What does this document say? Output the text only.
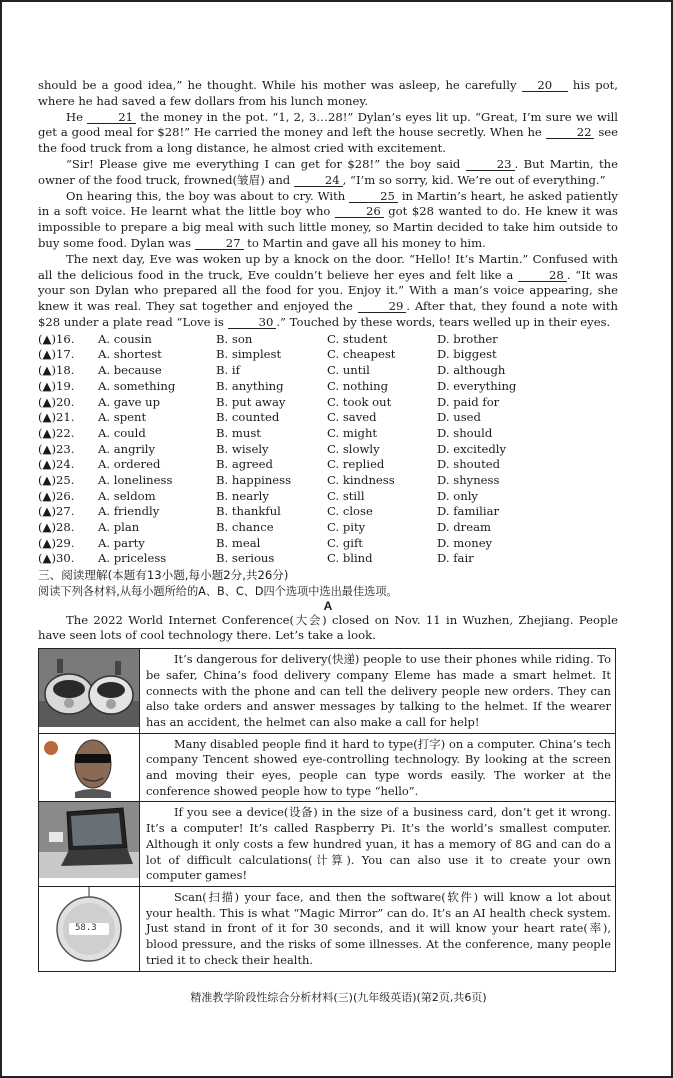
should be a good idea,” he thought. While his mother was asleep, he carefully 20 his pot, where he had saved a few dollars from his lunch money.

He	21 the money in the pot. “1, 2, 3…28!” Dylan’s eyes lit up. “Great, I’m sure we will get a good meal for $28!” He carried the money and left the house secretly. When he	22 see the food truck from a long distance, he almost cried with excitement.

“Sir! Please give me everything I can get for $28!” the boy said	23 . But Martin, the owner of the food truck, frowned(皱眉) and	24 , “I’m so sorry, kid. We’re out of everything.”

On hearing this, the boy was about to cry. With	25 in Martin’s heart, he asked patiently in a soft voice. He learnt what the little boy who	26 got $28 wanted to do. He knew it was impossible to prepare a big meal with such little money, so Martin decided to take him outside to buy some food. Dylan was	27 to Martin and gave all his money to him.

The next day, Eve was woken up by a knock on the door. “Hello! It’s Martin.” Confused with all the delicious food in the truck, Eve couldn’t believe her eyes and felt like a	28 . “It was your son Dylan who prepared all the food for you. Enjoy it.” With a man’s voice appearing, she knew it was real. They sat together and enjoyed the	29 . After that, they found a note with $28 under a plate read “Love is	30 .” Touched by these words, tears welled up in their eyes.

(▲)16.	A. cousin	B. son	C. student	D. brother
(▲)17.	A. shortest	B. simplest	C. cheapest	D. biggest
(▲)18.	A. because	B. if	C. until	D. although
(▲)19.	A. something	B. anything	C. nothing	D. everything
(▲)20.	A. gave up	B. put away	C. took out	D. paid for
(▲)21.	A. spent	B. counted	C. saved	D. used
(▲)22.	A. could	B. must	C. might	D. should
(▲)23.	A. angrily	B. wisely	C. slowly	D. excitedly
(▲)24.	A. ordered	B. agreed	C. replied	D. shouted
(▲)25.	A. loneliness	B. happiness	C. kindness	D. shyness
(▲)26.	A. seldom	B. nearly	C. still	D. only
(▲)27.	A. friendly	B. thankful	C. close	D. familiar
(▲)28.	A. plan	B. chance	C. pity	D. dream
(▲)29.	A. party	B. meal	C. gift	D. money
(▲)30.	A. priceless	B. serious	C. blind	D. fair

三、阅读理解(本题有13小题,每小题2分,共26分)

阅读下列各材料,从每小题所给的A、B、C、D四个选项中选出最佳选项。

A

The 2022 World Internet Conference(大会) closed on Nov. 11 in Wuzhen, Zhejiang. People have seen lots of cool technology there. Let’s take a look.

	It’s dangerous for delivery(快递) people to use their phones while riding. To be safer, China’s food delivery company Eleme has made a smart helmet. It connects with the phone and can tell the delivery people new orders. They can also take orders and answer messages by talking to the helmet. If the wearer has an accident, the helmet can also make a call for help!

	Many disabled people find it hard to type(打字) on a computer. China’s tech company Tencent showed eye-controlling technology. By looking at the screen and moving their eyes, people can type words easily. The worker at the conference showed people how to type “hello”.

	If you see a device(设备) in the size of a business card, don’t get it wrong. It’s a computer! It’s called Raspberry Pi. It’s the world’s smallest computer. Although it only costs a few hundred yuan, it has a memory of 8G and can do a lot of difficult calculations(计算). You can also use it to create your own computer games!

58.3	Scan(扫描) your face, and then the software(软件) will know a lot about your health. This is what “Magic Mirror” can do. It’s an AI health check system. Just stand in front of it for 30 seconds, and it will know your heart rate(率), blood pressure, and the risks of some illnesses. At the conference, many people tried it to check their health.
精准教学阶段性综合分析材料(三)(九年级英语)(第2页,共6页)
